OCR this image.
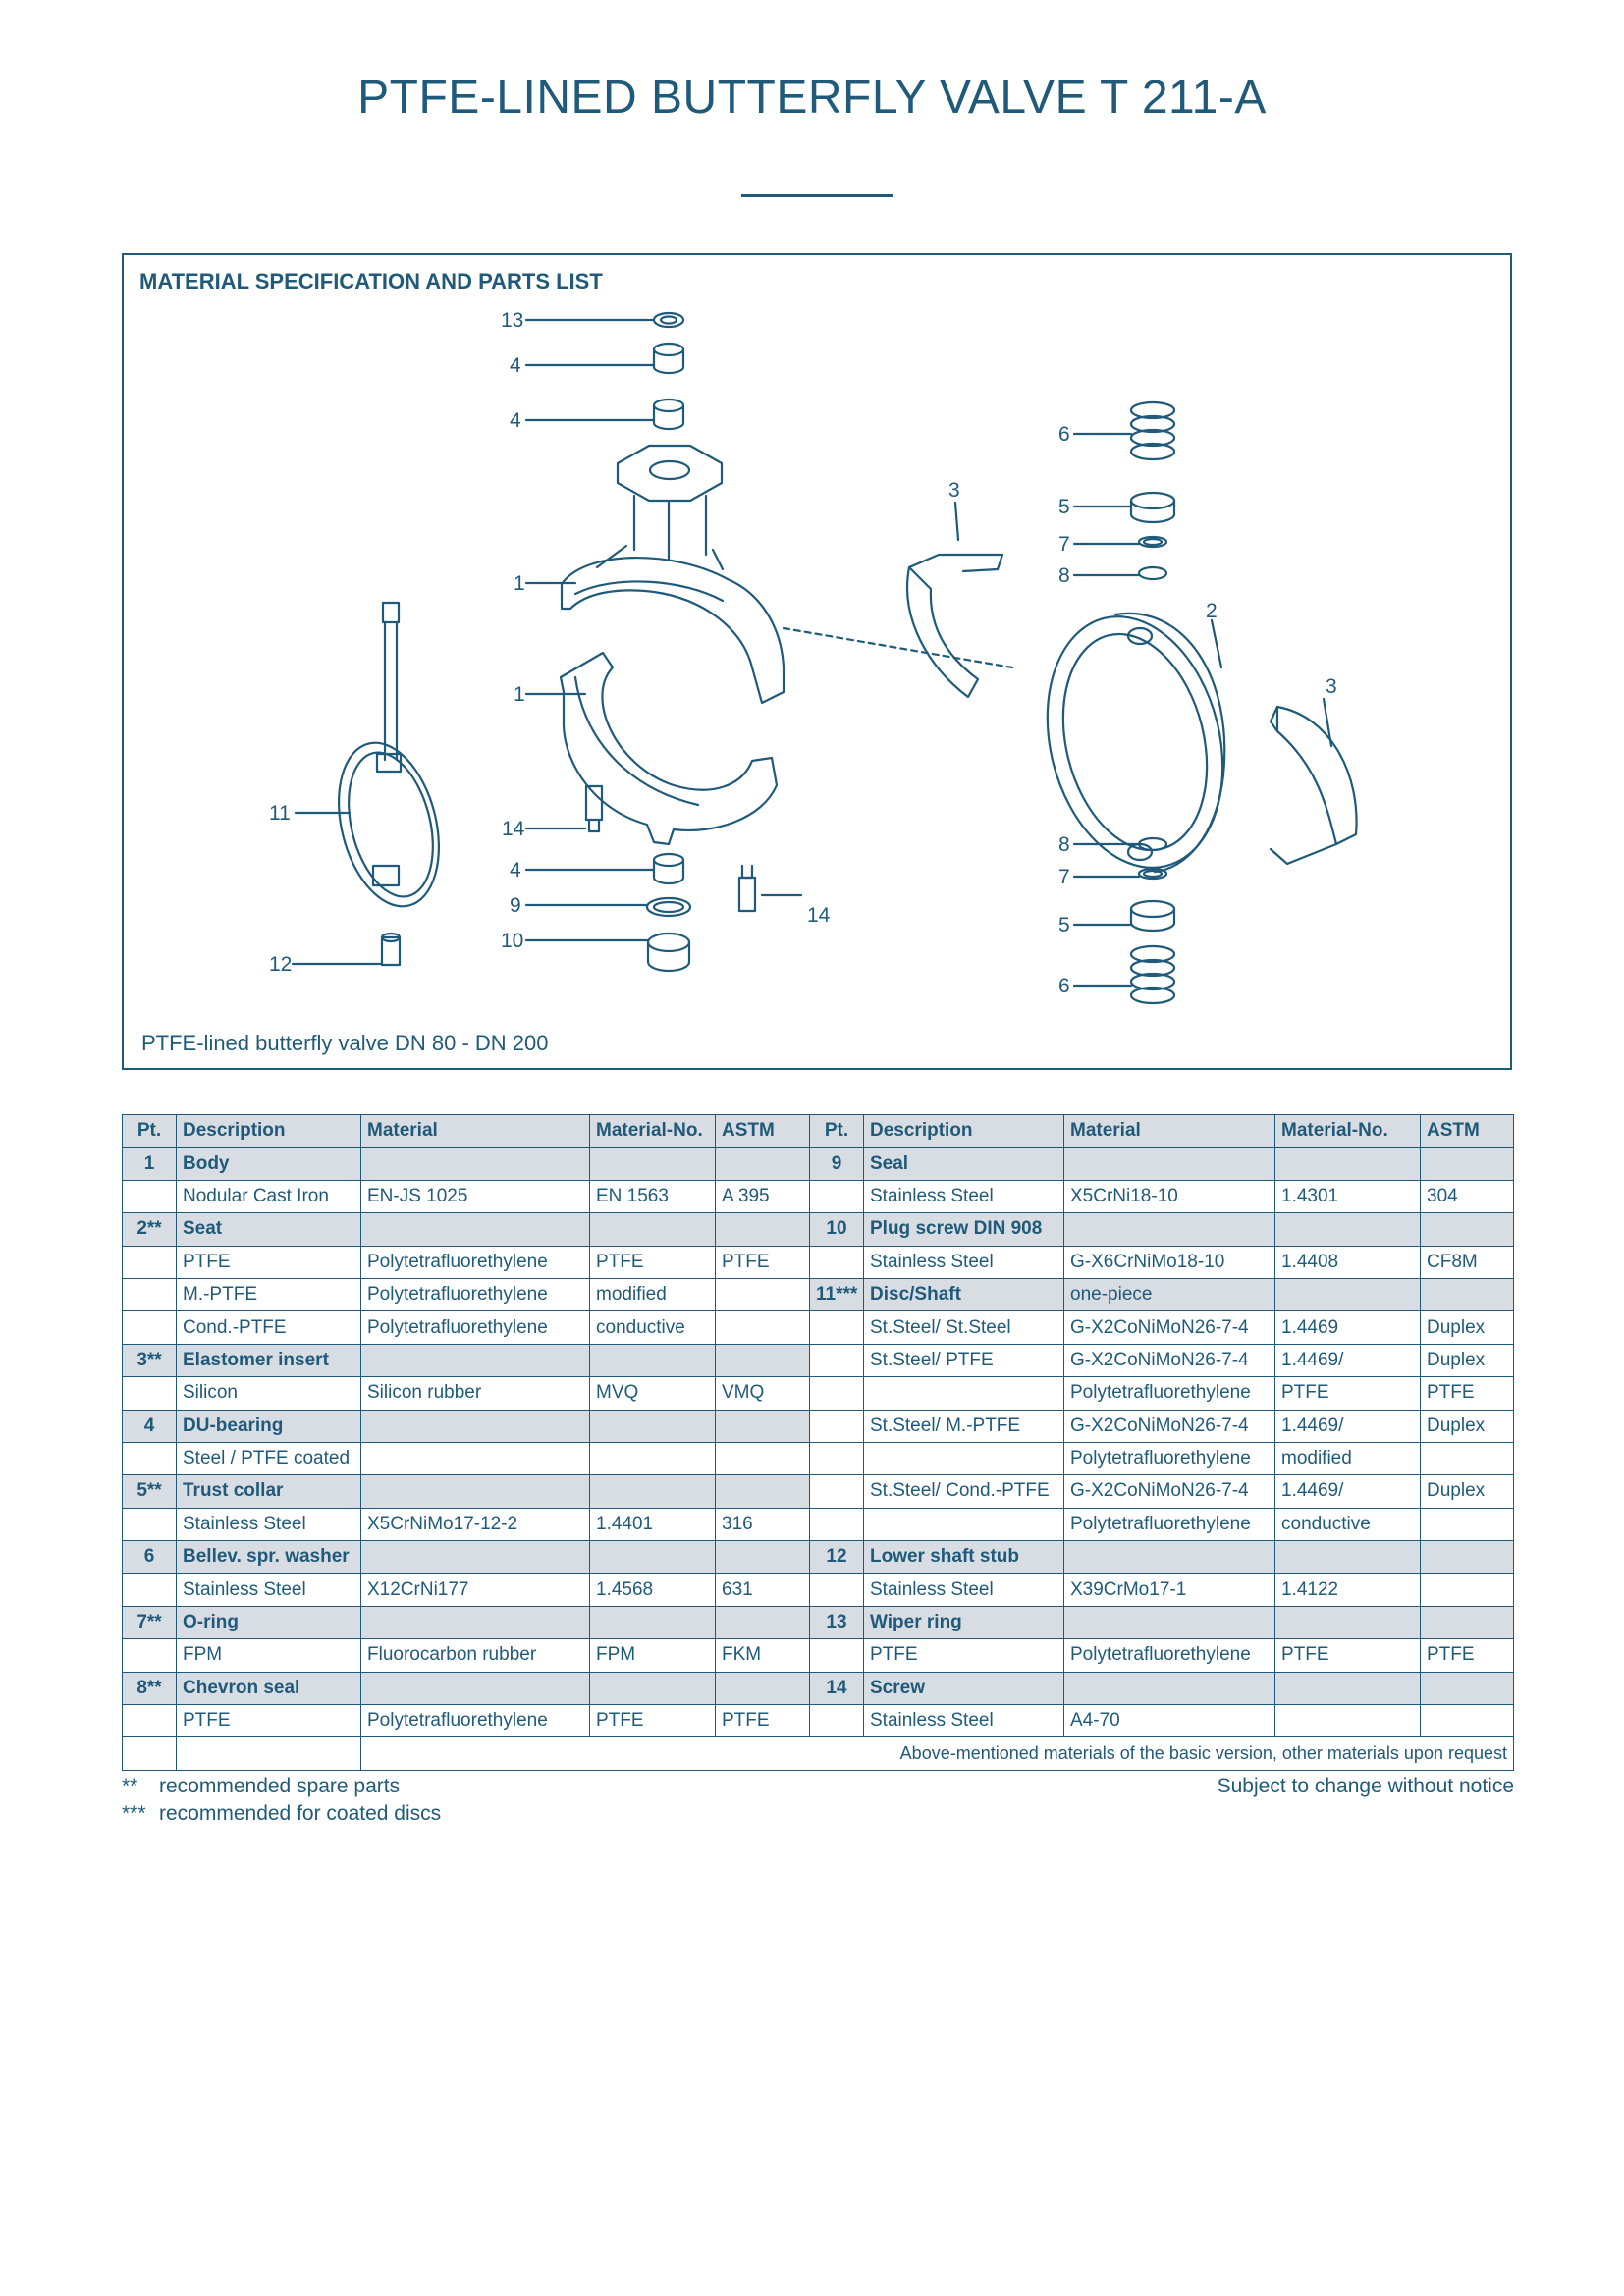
PTFE-LINED BUTTERFLY VALVE T 211-A
MATERIAL SPECIFICATION AND PARTS LIST
13
4
4
6
3
5
7
8
1
2
1	3
11
14
4
9
10
14
8
7
5
6
12
PTFE-lined butterfly valve DN 80 - DN 200
Pt.	Description	Material	Material-No.	ASTM	Pt.	Description	Material	Material-No.	ASTM
1	Body				9	Seal			
	Nodular Cast Iron	EN-JS 1025	EN 1563	A 395		Stainless Steel	X5CrNi18-10	1.4301	304
2**	Seat				10	Plug screw DIN 908			
	PTFE	Polytetrafluorethylene	PTFE	PTFE		Stainless Steel	G-X6CrNiMo18-10	1.4408	CF8M
	M.-PTFE	Polytetrafluorethylene	modified		11***	Disc/Shaft	one-piece		
	Cond.-PTFE	Polytetrafluorethylene	conductive			St.Steel/ St.Steel	G-X2CoNiMoN26-7-4	1.4469	Duplex
3**	Elastomer insert					St.Steel/ PTFE	G-X2CoNiMoN26-7-4	1.4469/	Duplex
	Silicon	Silicon rubber	MVQ	VMQ			Polytetrafluorethylene	PTFE	PTFE
4	DU-bearing					St.Steel/ M.-PTFE	G-X2CoNiMoN26-7-4	1.4469/	Duplex
	Steel / PTFE coated						Polytetrafluorethylene	modified	
5**	Trust collar					St.Steel/ Cond.-PTFE	G-X2CoNiMoN26-7-4	1.4469/	Duplex
	Stainless Steel	X5CrNiMo17-12-2	1.4401	316			Polytetrafluorethylene	conductive	
6	Bellev. spr. washer				12	Lower shaft stub			
	Stainless Steel	X12CrNi177	1.4568	631		Stainless Steel	X39CrMo17-1	1.4122	
7**	O-ring				13	Wiper ring			
	FPM	Fluorocarbon rubber	FPM	FKM		PTFE	Polytetrafluorethylene	PTFE	PTFE
8**	Chevron seal				14	Screw			
	PTFE	Polytetrafluorethylene	PTFE	PTFE		Stainless Steel	A4-70		
		Above-mentioned materials of the basic version, other materials upon request							
** recommended spare parts
*** recommended for coated discs
Subject to change without notice
